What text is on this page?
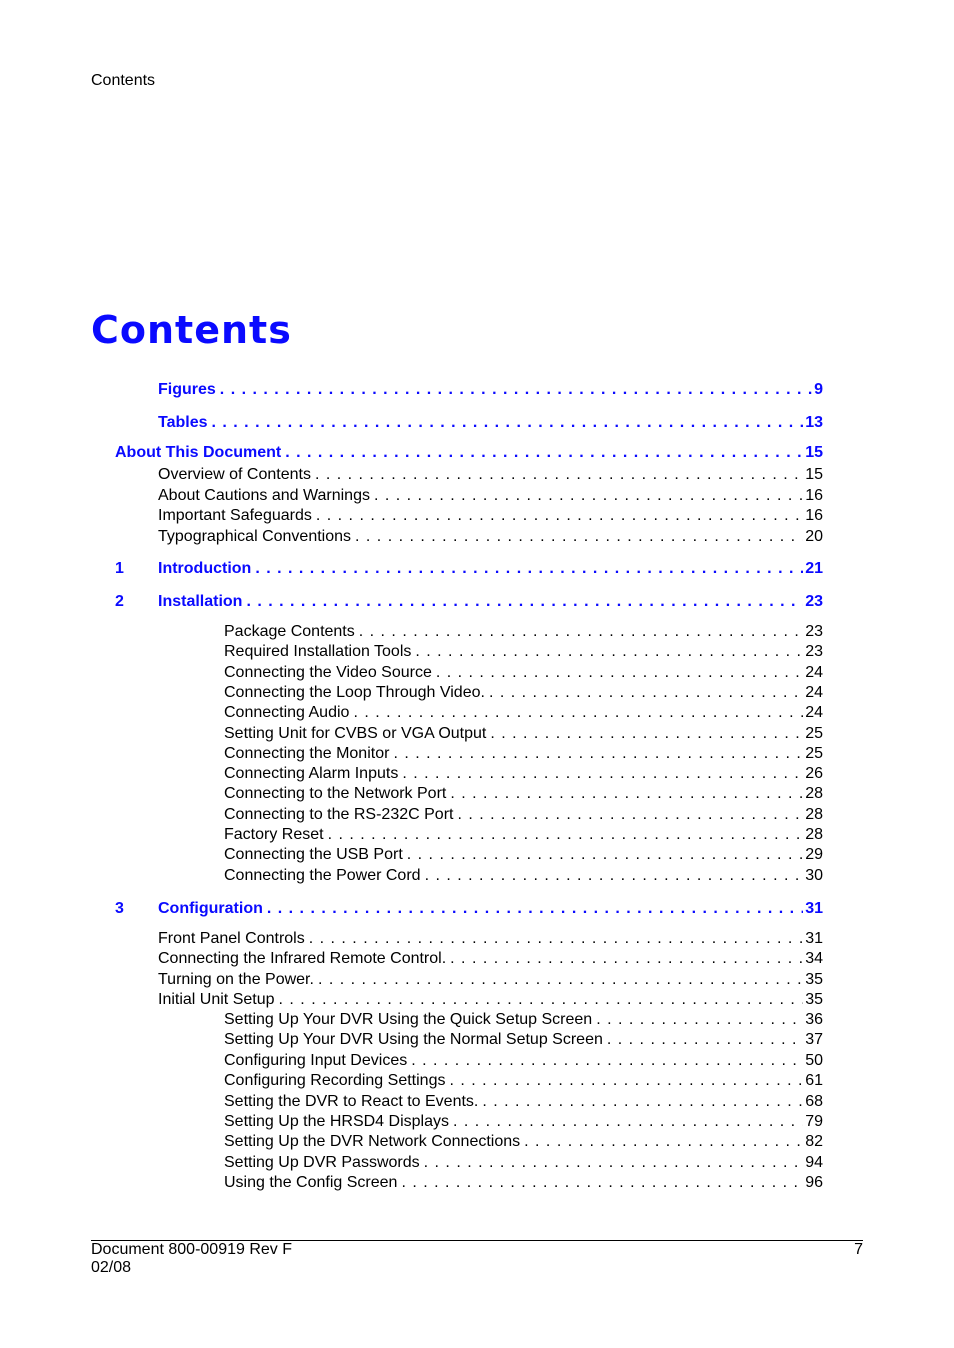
Contents
Contents
Figures . . .	9
Tables . . .	13
About This Document . . .	15
Overview of Contents . . .	15
About Cautions and Warnings . . .	16
Important Safeguards . . .	16
Typographical Conventions . . .	20
1 Introduction . . .	21
2 Installation . . .	23
3 Configuration . . .	31
Package Contents . . .	23
Required Installation Tools . . .	23
Connecting the Video Source . . .	24
Connecting the Loop Through Video. . . .	24
Connecting Audio . . .	24
Setting Unit for CVBS or VGA Output . . .	25
Connecting the Monitor . . .	25
Connecting Alarm Inputs . . .	26
Connecting to the Network Port . . .	28
Connecting to the RS-232C Port . . .	28
Factory Reset . . .	28
Connecting the USB Port . . .	29
Connecting the Power Cord . . .	30
Front Panel Controls . . .	31
Connecting the Infrared Remote Control. . . .	34
Turning on the Power. . . .	35
Initial Unit Setup . . .	35
Setting Up Your DVR Using the Quick Setup Screen . . .	36
Setting Up Your DVR Using the Normal Setup Screen . . .	37
Configuring Input Devices . . .	50
Configuring Recording Settings . . .	61
Setting the DVR to React to Events. . . .	68
Setting Up the HRSD4 Displays . . .	79
Setting Up the DVR Network Connections . . .	82
Setting Up DVR Passwords . . .	94
Using the Config Screen . . .	96
Document 800-00919 Rev F
02/08
7
